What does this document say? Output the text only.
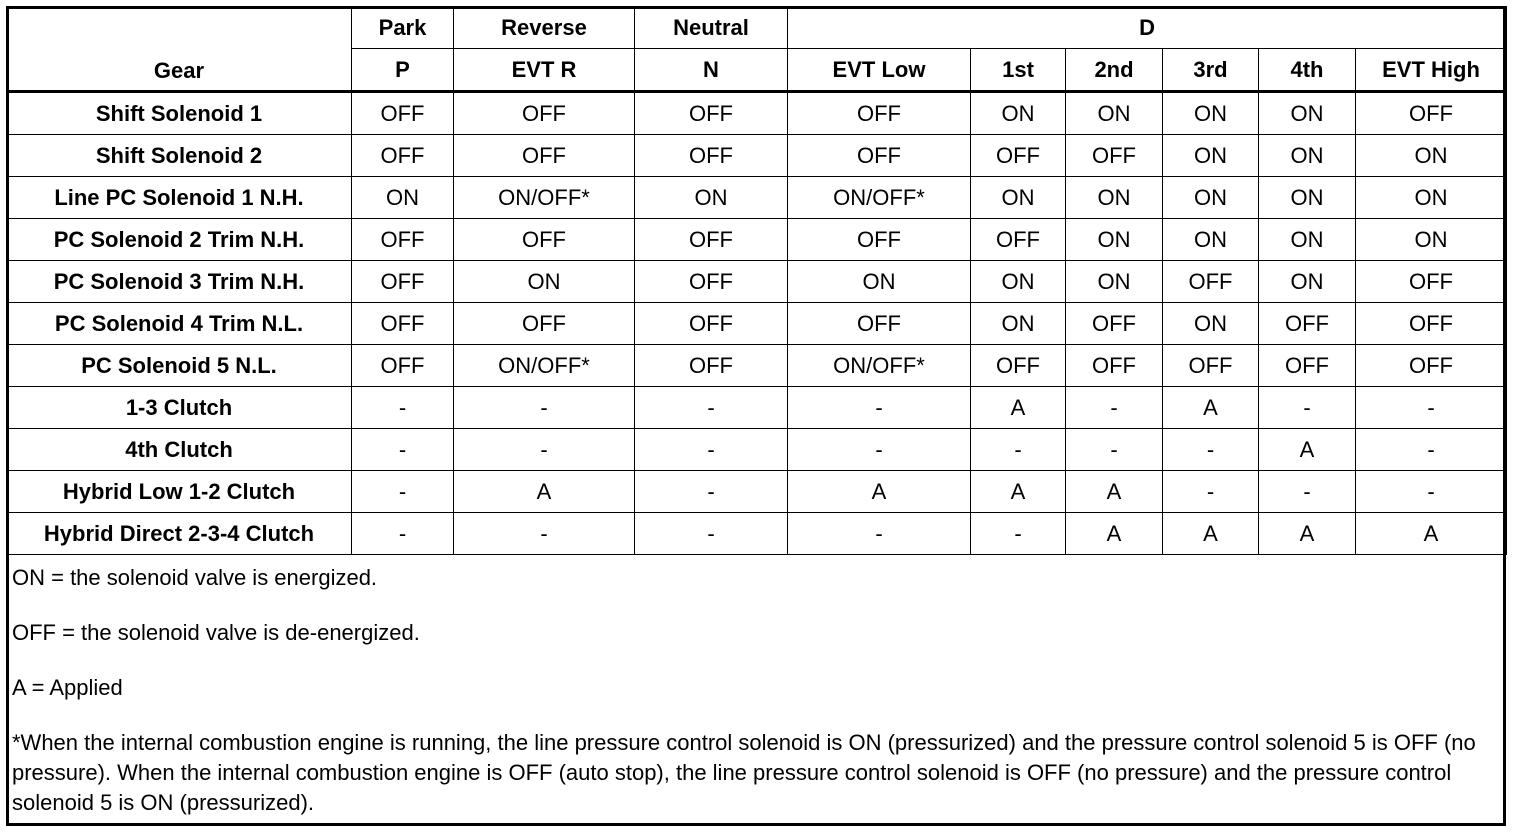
Gear	Park	Reverse	Neutral	D					
	P	EVT R	N	EVT Low	1st	2nd	3rd	4th	EVT High
Shift Solenoid 1	OFF	OFF	OFF	OFF	ON	ON	ON	ON	OFF
Shift Solenoid 2	OFF	OFF	OFF	OFF	OFF	OFF	ON	ON	ON
Line PC Solenoid 1 N.H.	ON	ON/OFF*	ON	ON/OFF*	ON	ON	ON	ON	ON
PC Solenoid 2 Trim N.H.	OFF	OFF	OFF	OFF	OFF	ON	ON	ON	ON
PC Solenoid 3 Trim N.H.	OFF	ON	OFF	ON	ON	ON	OFF	ON	OFF
PC Solenoid 4 Trim N.L.	OFF	OFF	OFF	OFF	ON	OFF	ON	OFF	OFF
PC Solenoid 5 N.L.	OFF	ON/OFF*	OFF	ON/OFF*	OFF	OFF	OFF	OFF	OFF
1-3 Clutch	-	-	-	-	A	-	A	-	-
4th Clutch	-	-	-	-	-	-	-	A	-
Hybrid Low 1-2 Clutch	-	A	-	A	A	A	-	-	-
Hybrid Direct 2-3-4 Clutch	-	-	-	-	-	A	A	A	A

ON = the solenoid valve is energized.

OFF = the solenoid valve is de-energized.

A = Applied

*When the internal combustion engine is running, the line pressure control solenoid is ON (pressurized) and the pressure control solenoid 5 is OFF (no pressure). When the internal combustion engine is OFF (auto stop), the line pressure control solenoid is OFF (no pressure) and the pressure control solenoid 5 is ON (pressurized).
